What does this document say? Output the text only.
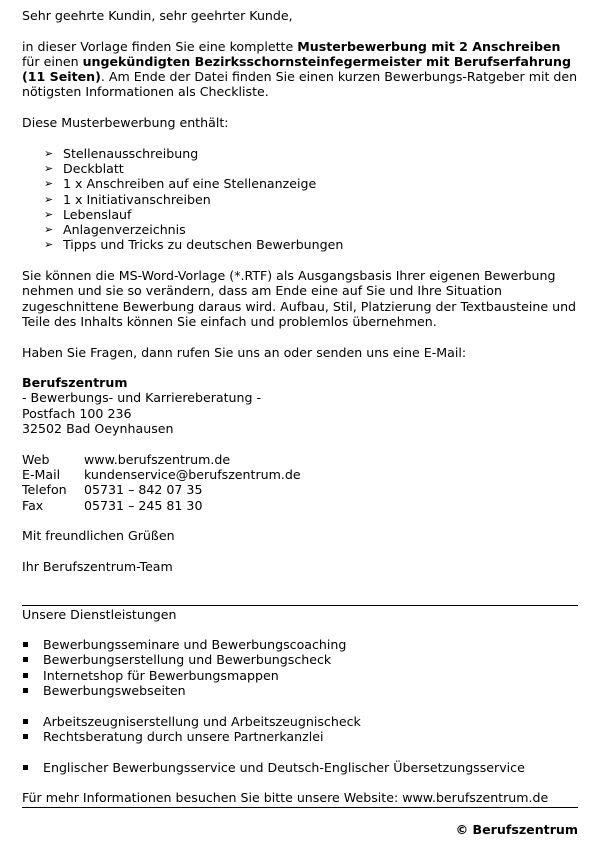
Sehr geehrte Kundin, sehr geehrter Kunde,

in dieser Vorlage finden Sie eine komplette Musterbewerbung mit 2 Anschreiben für einen ungekündigten Bezirksschornsteinfegermeister mit Berufserfahrung (11 Seiten). Am Ende der Datei finden Sie einen kurzen Bewerbungs-Ratgeber mit den nötigsten Informationen als Checkliste.

Diese Musterbewerbung enthält:

➢ Stellenausschreibung
➢ Deckblatt
➢ 1 x Anschreiben auf eine Stellenanzeige
➢ 1 x Initiativanschreiben
➢ Lebenslauf
➢ Anlagenverzeichnis
➢ Tipps und Tricks zu deutschen Bewerbungen

Sie können die MS-Word-Vorlage (*.RTF) als Ausgangsbasis Ihrer eigenen Bewerbung nehmen und sie so verändern, dass am Ende eine auf Sie und Ihre Situation zugeschnittene Bewerbung daraus wird. Aufbau, Stil, Platzierung der Textbausteine und Teile des Inhalts können Sie einfach und problemlos übernehmen.

Haben Sie Fragen, dann rufen Sie uns an oder senden uns eine E-Mail:

Berufszentrum

- Bewerbungs- und Karriereberatung -

Postfach 100 236

32502 Bad Oeynhausen

Web	www.berufszentrum.de
E-Mail	kundenservice@berufszentrum.de
Telefon	05731 – 842 07 35
Fax	05731 – 245 81 30

Mit freundlichen Grüßen

Ihr Berufszentrum-Team

Unsere Dienstleistungen

Bewerbungsseminare und Bewerbungscoaching
Bewerbungserstellung und Bewerbungscheck
Internetshop für Bewerbungsmappen
Bewerbungswebseiten
Arbeitszeugniserstellung und Arbeitszeugnischeck
Rechtsberatung durch unsere Partnerkanzlei
Englischer Bewerbungsservice und Deutsch-Englischer Übersetzungsservice

Für mehr Informationen besuchen Sie bitte unsere Website: www.berufszentrum.de

© Berufszentrum
